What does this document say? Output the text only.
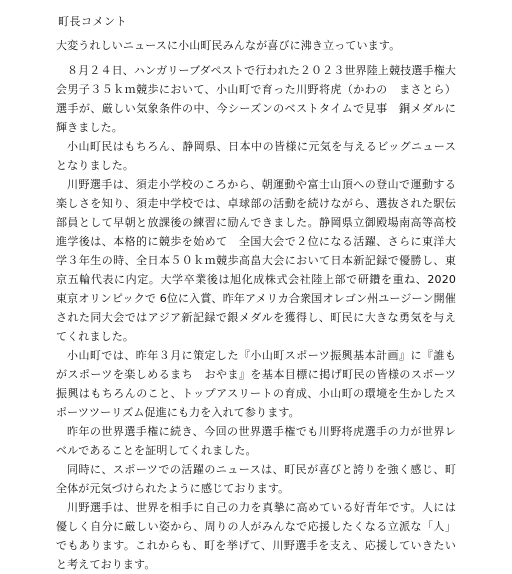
町長コメント

大変うれしいニュースに小山町民みんなが喜びに沸き立っています。

８月２４日、ハンガリーブダペストで行われた２０２３世界陸上競技選手権大会男子３５ｋｍ競歩において、小山町で育った川野将虎（かわの　まさとら）選手が、厳しい気象条件の中、今シーズンのベストタイムで見事　銅メダルに輝きました。

小山町民はもちろん、静岡県、日本中の皆様に元気を与えるビッグニュースとなりました。

川野選手は、須走小学校のころから、朝運動や富士山頂への登山で運動する楽しさを知り、須走中学校では、卓球部の活動を続けながら、選抜された駅伝部員として早朝と放課後の練習に励んできました。静岡県立御殿場南高等高校進学後は、本格的に競歩を始めて　全国大会で２位になる活躍、さらに東洋大学３年生の時、全日本５０ｋｍ競歩高畠大会において日本新記録で優勝し、東京五輪代表に内定。大学卒業後は旭化成株式会社陸上部で研鑽を重ね、2020 東京オリンピックで 6位に入賞、昨年アメリカ合衆国オレゴン州ユージーン開催された同大会ではアジア新記録で銀メダルを獲得し、町民に大きな勇気を与えてくれました。

小山町では、昨年３月に策定した『小山町スポーツ振興基本計画』に『誰もがスポーツを楽しめるまち　おやま』を基本目標に掲げ町民の皆様のスポーツ振興はもちろんのこと、トップアスリートの育成、小山町の環境を生かしたスポーツツーリズム促進にも力を入れて参ります。

昨年の世界選手権に続き、今回の世界選手権でも川野将虎選手の力が世界レベルであることを証明してくれました。

同時に、スポーツでの活躍のニュースは、町民が喜びと誇りを強く感じ、町全体が元気づけられたように感じております。

川野選手は、世界を相手に自己の力を真摯に高めている好青年です。人には優しく自分に厳しい姿から、周りの人がみんなで応援したくなる立派な「人」でもあります。これからも、町を挙げて、川野選手を支え、応援していきたいと考えております。
